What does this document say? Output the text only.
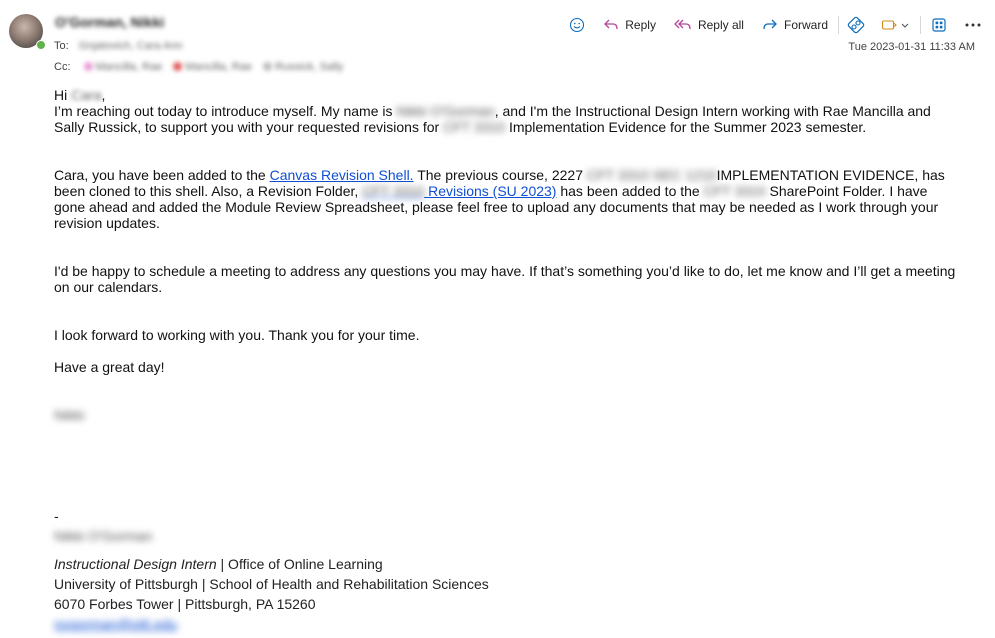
O'Gorman, Nikki
To: Gnjatovich, Cara Ann
Cc: Mancilla, Rae Mancilla, Rae Russick, Sally
Reply	Reply all	Forward
Tue 2023-01-31 11:33 AM

Hi Cara,

I’m reaching out today to introduce myself. My name is Nikki O'Gorman, and I'm the Instructional Design Intern working with Rae Mancilla and Sally Russick, to support you with your requested revisions for CFT 3310 Implementation Evidence for the Summer 2023 semester.

Cara, you have been added to the Canvas Revision Shell. The previous course, 2227 CFT 3310 SEC 1210IMPLEMENTATION EVIDENCE, has been cloned to this shell. Also, a Revision Folder, CFT 3310 Revisions (SU 2023) has been added to the CFT 3310 SharePoint Folder. I have gone ahead and added the Module Review Spreadsheet, please feel free to upload any documents that may be needed as I work through your revision updates.

I'd be happy to schedule a meeting to address any questions you may have. If that’s something you’d like to do, let me know and I’ll get a meeting on our calendars.

I look forward to working with you. Thank you for your time.

Have a great day!

Nikki

-
Nikki O'Gorman
Instructional Design Intern | Office of Online Learning
University of Pittsburgh | School of Health and Rehabilitation Sciences
6070 Forbes Tower | Pittsburgh, PA 15260
nogorman@pitt.edu
